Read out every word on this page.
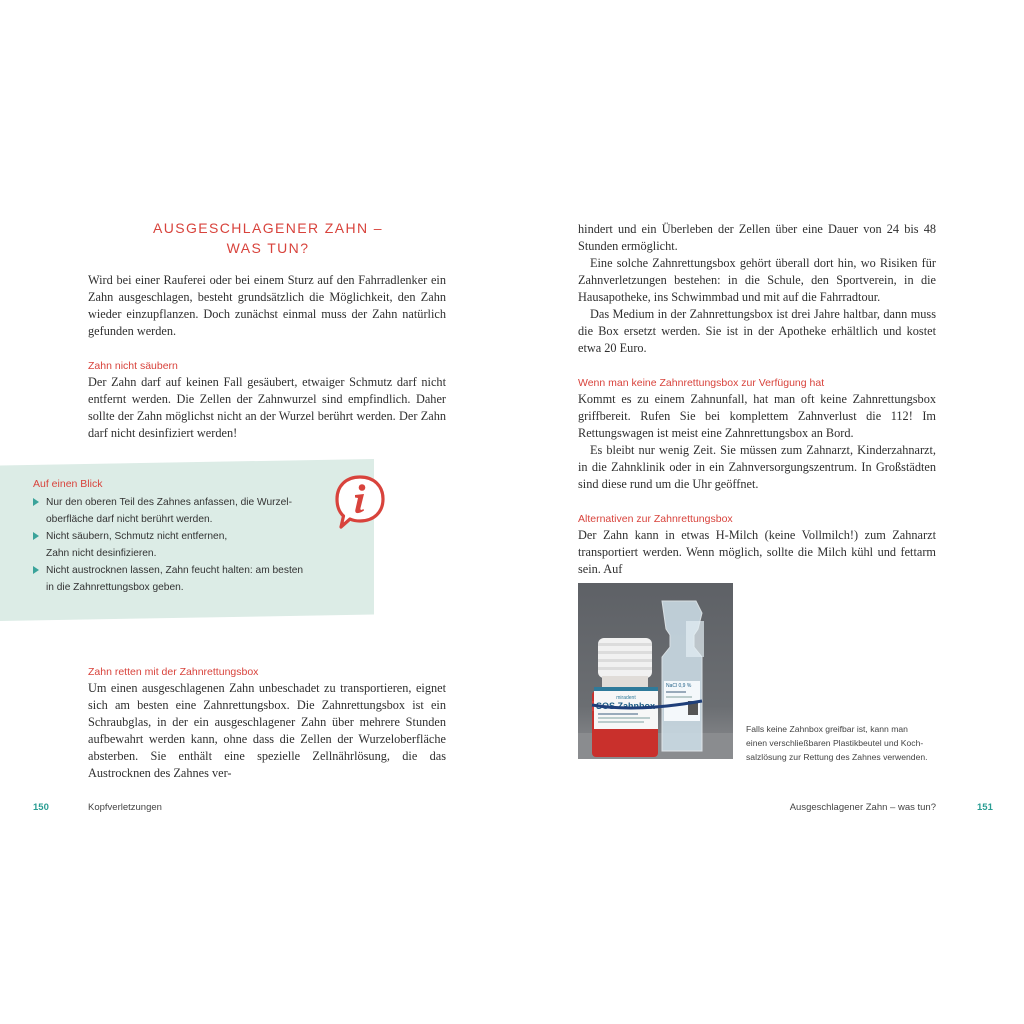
AUSGESCHLAGENER ZAHN –
WAS TUN?

Wird bei einer Rauferei oder bei einem Sturz auf den Fahrradlenker ein Zahn ausgeschlagen, besteht grundsätzlich die Möglichkeit, den Zahn wieder einzupflanzen. Doch zunächst einmal muss der Zahn natürlich gefunden werden.

Zahn nicht säubern

Der Zahn darf auf keinen Fall gesäubert, etwaiger Schmutz darf nicht entfernt werden. Die Zellen der Zahnwurzel sind empfindlich. Daher sollte der Zahn möglichst nicht an der Wurzel berührt werden. Der Zahn darf nicht desinfiziert werden!

Auf einen Blick
Nur den oberen Teil des Zahnes anfassen, die Wurzel-
oberfläche darf nicht berührt werden.
Nicht säubern, Schmutz nicht entfernen,
Zahn nicht desinfizieren.
Nicht austrocknen lassen, Zahn feucht halten: am besten
in die Zahnrettungsbox geben.
Zahn retten mit der Zahnrettungsbox

Um einen ausgeschlagenen Zahn unbeschadet zu transportieren, eignet sich am besten eine Zahnrettungsbox. Die Zahnrettungsbox ist ein Schraubglas, in der ein ausgeschlagener Zahn über mehrere Stunden aufbewahrt werden kann, ohne dass die Zellen der Wurzeloberfläche absterben. Sie enthält eine spezielle Zellnährlösung, die das Austrocknen des Zahnes ver-

150	Kopfverletzungen

hindert und ein Überleben der Zellen über eine Dauer von 24 bis 48 Stunden ermöglicht.

Eine solche Zahnrettungsbox gehört überall dort hin, wo Risiken für Zahnverletzungen bestehen: in die Schule, den Sportverein, in die Hausapotheke, ins Schwimmbad und mit auf die Fahrradtour.

Das Medium in der Zahnrettungsbox ist drei Jahre haltbar, dann muss die Box ersetzt werden. Sie ist in der Apotheke erhältlich und kostet etwa 20 Euro.

Wenn man keine Zahnrettungsbox zur Verfügung hat

Kommt es zu einem Zahnunfall, hat man oft keine Zahnrettungsbox griffbereit. Rufen Sie bei komplettem Zahnverlust die 112! Im Rettungswagen ist meist eine Zahnrettungsbox an Bord.

Es bleibt nur wenig Zeit. Sie müssen zum Zahnarzt, Kinderzahnarzt, in die Zahnklinik oder in ein Zahnversorgungszentrum. In Großstädten sind diese rund um die Uhr geöffnet.

Alternativen zur Zahnrettungsbox

Der Zahn kann in etwas H-Milch (keine Vollmilch!) zum Zahnarzt transportiert werden. Wenn möglich, sollte die Milch kühl und fettarm sein. Auf

miradent
SOS Zahnbox
NaCl 0,9 %
Falls keine Zahnbox greifbar ist, kann man
einen verschließbaren Plastikbeutel und Koch-
salzlösung zur Rettung des Zahnes verwenden.
Ausgeschlagener Zahn – was tun?	151
